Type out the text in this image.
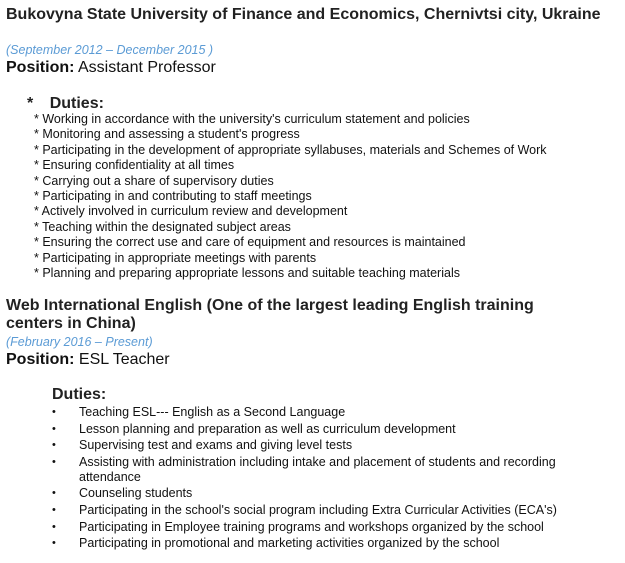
Bukovyna State University of Finance and Economics, Chernivtsi city, Ukraine
(September 2012 – December 2015 )
Position: Assistant Professor
* Duties:
* Working in accordance with the university's curriculum statement and policies
* Monitoring and assessing a student's progress
* Participating in the development of appropriate syllabuses, materials and Schemes of Work
* Ensuring confidentiality at all times
* Carrying out a share of supervisory duties
* Participating in and contributing to staff meetings
* Actively involved in curriculum review and development
* Teaching within the designated subject areas
* Ensuring the correct use and care of equipment and resources is maintained
* Participating in appropriate meetings with parents
* Planning and preparing appropriate lessons and suitable teaching materials
Web International English (One of the largest leading English training centers in China)
(February 2016 – Present)
Position: ESL Teacher
Duties:
• Teaching ESL--- English as a Second Language
• Lesson planning and preparation as well as curriculum development
• Supervising test and exams and giving level tests
• Assisting with administration including intake and placement of students and recording attendance
• Counseling students
• Participating in the school's social program including Extra Curricular Activities (ECA's)
• Participating in Employee training programs and workshops organized by the school
• Participating in promotional and marketing activities organized by the school
